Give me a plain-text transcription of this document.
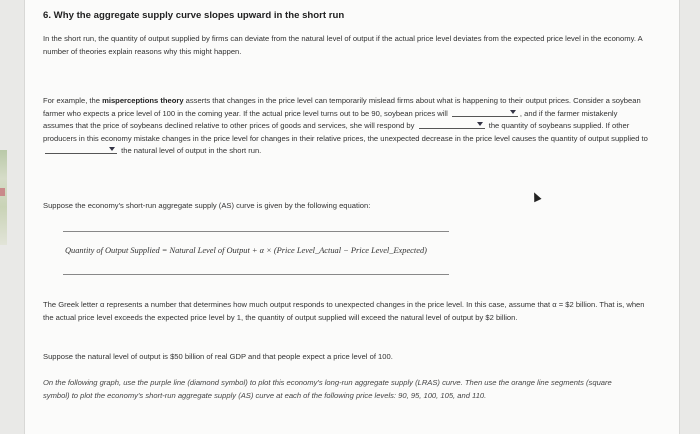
6. Why the aggregate supply curve slopes upward in the short run

In the short run, the quantity of output supplied by firms can deviate from the natural level of output if the actual price level deviates from the expected price level in the economy. A number of theories explain reasons why this might happen.

For example, the misperceptions theory asserts that changes in the price level can temporarily mislead firms about what is happening to their output prices. Consider a soybean farmer who expects a price level of 100 in the coming year. If the actual price level turns out to be 90, soybean prices will	, and if the farmer mistakenly assumes that the price of soybeans declined relative to other prices of goods and services, she will respond by	the quantity of soybeans supplied. If other producers in this economy mistake changes in the price level for changes in their relative prices, the unexpected decrease in the price level causes the quantity of output supplied to
the natural level of output in the short run.

Suppose the economy's short-run aggregate supply (AS) curve is given by the following equation:

Quantity of Output Supplied = Natural Level of Output + α × (Price Level_Actual − Price Level_Expected)

The Greek letter α represents a number that determines how much output responds to unexpected changes in the price level. In this case, assume that α = $2 billion. That is, when the actual price level exceeds the expected price level by 1, the quantity of output supplied will exceed the natural level of output by $2 billion.

Suppose the natural level of output is $50 billion of real GDP and that people expect a price level of 100.

On the following graph, use the purple line (diamond symbol) to plot this economy's long-run aggregate supply (LRAS) curve. Then use the orange line segments (square symbol) to plot the economy's short-run aggregate supply (AS) curve at each of the following price levels: 90, 95, 100, 105, and 110.
